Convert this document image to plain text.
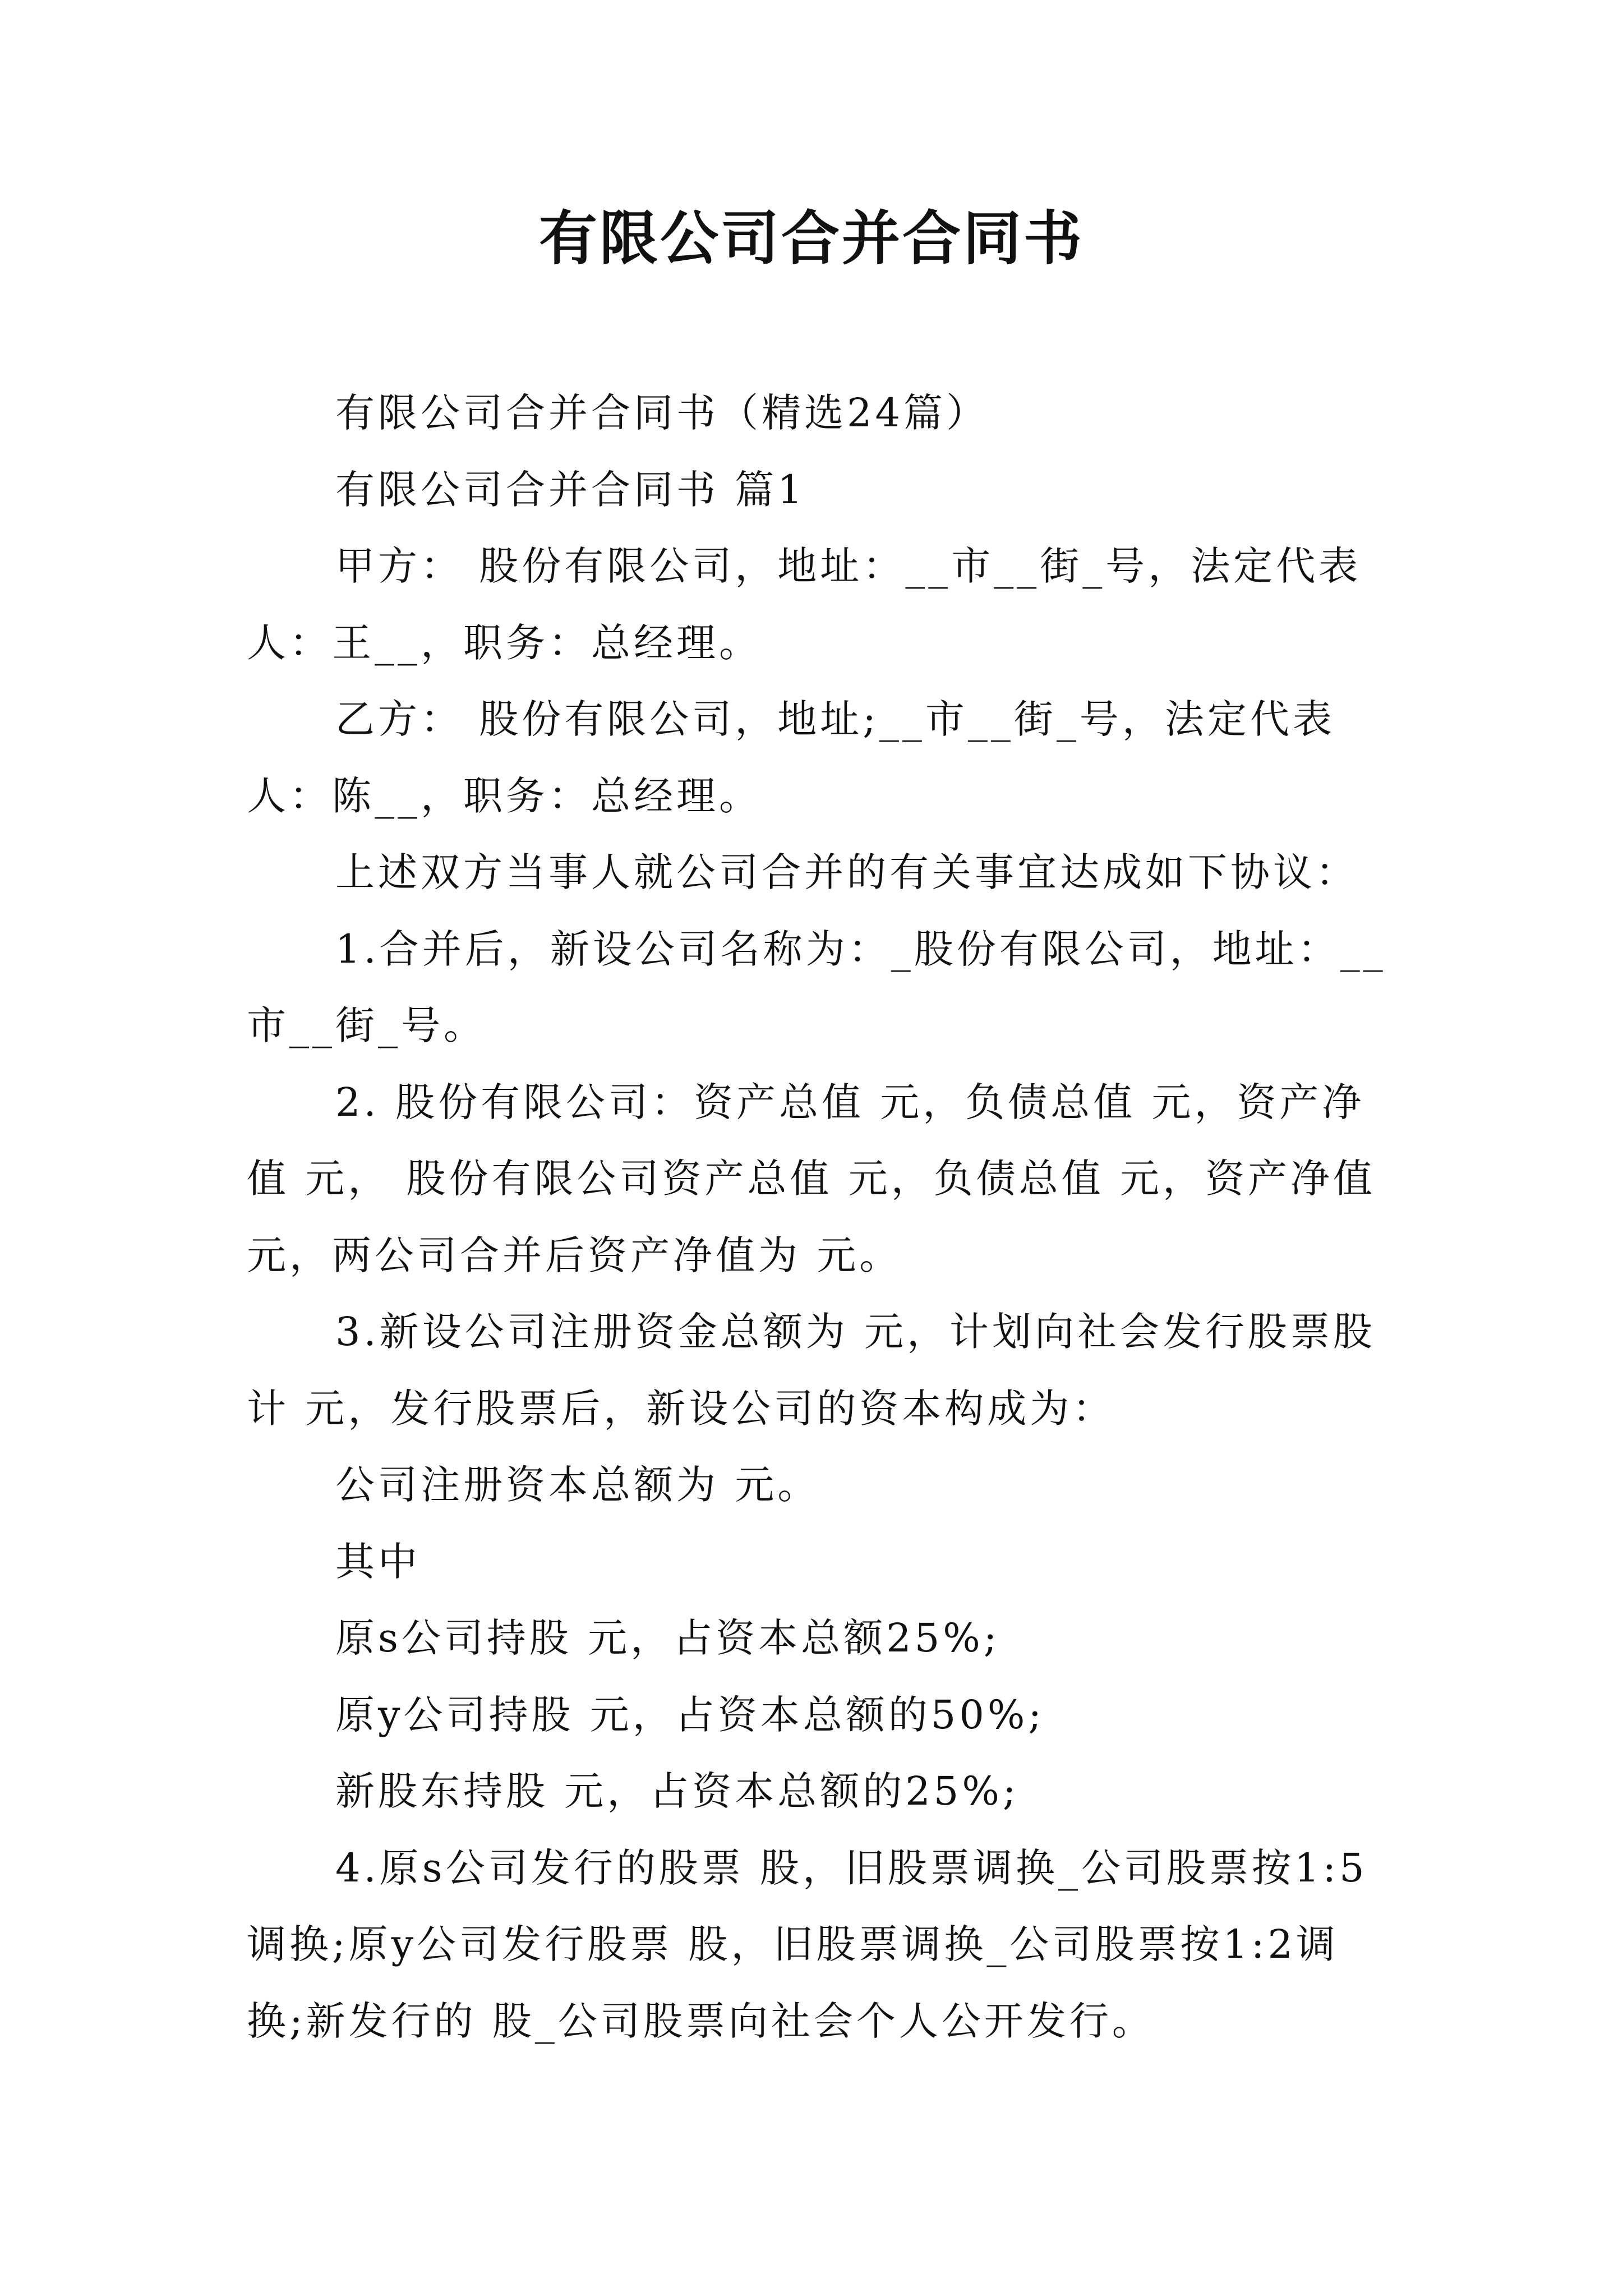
有限公司合并合同书

有限公司合并合同书（精选24篇）

有限公司合并合同书 篇1

甲方： 股份有限公司，地址：__市__街_号，法定代表人：王__，职务：总经理。

乙方： 股份有限公司，地址;__市__街_号，法定代表人：陈__，职务：总经理。

上述双方当事人就公司合并的有关事宜达成如下协议：

1.合并后，新设公司名称为：_股份有限公司，地址：__市__街_号。

2. 股份有限公司：资产总值 元，负债总值 元，资产净值 元， 股份有限公司资产总值 元，负债总值 元，资产净值 元，两公司合并后资产净值为 元。

3.新设公司注册资金总额为 元，计划向社会发行股票股计 元，发行股票后，新设公司的资本构成为：

公司注册资本总额为 元。

其中

原s公司持股 元，占资本总额25%;

原y公司持股 元，占资本总额的50%;

新股东持股 元，占资本总额的25%;

4.原s公司发行的股票 股，旧股票调换_公司股票按1:5调换;原y公司发行股票 股，旧股票调换_公司股票按1:2调换;新发行的 股_公司股票向社会个人公开发行。
